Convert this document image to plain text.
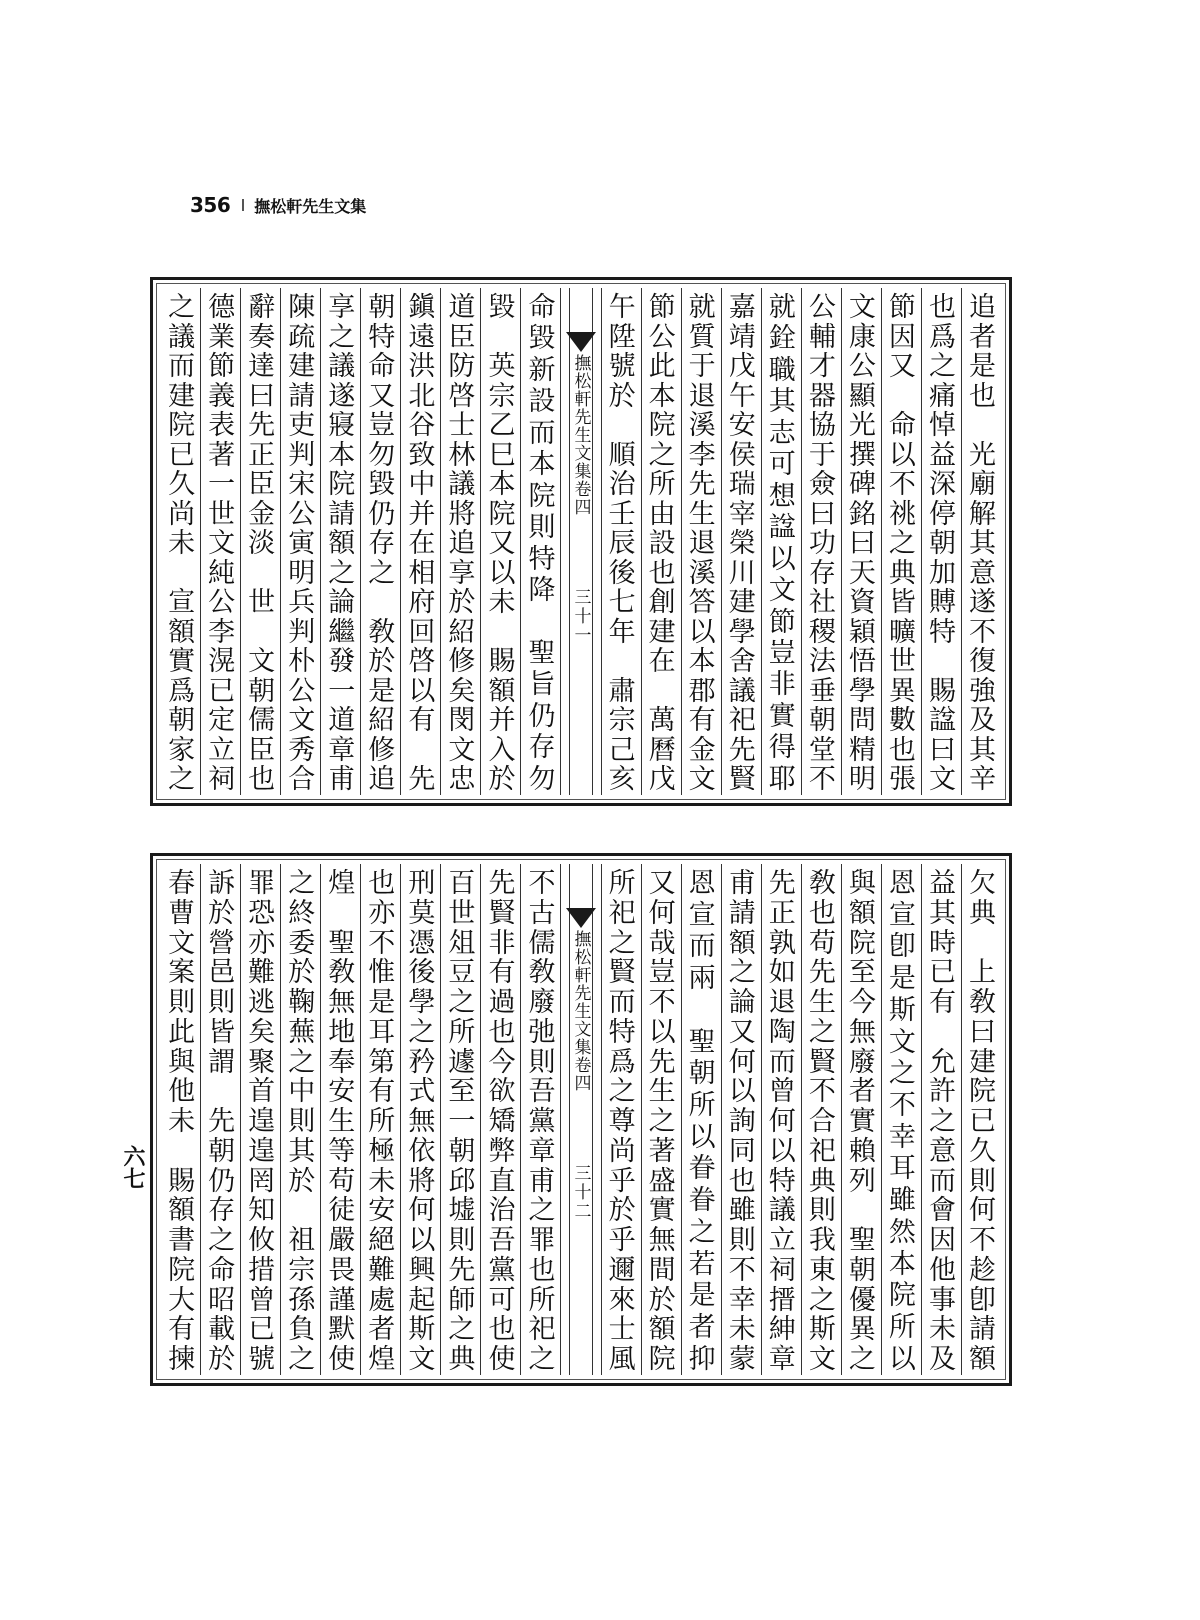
356 撫松軒先生文集
追
者
是
也

光
廟
解
其
意
遂
不
復
強
及
其
辛
也
爲
之
痛
悼
益
深
停
朝
加
賻
特

賜
諡
曰
文
節
因
又

命
以
不
祧
之
典
皆
曠
世
異
數
也
張
文
康
公
顯
光
撰
碑
銘
曰
天
資
穎
悟
學
問
精
明
公
輔
才
器
協
于
僉
曰
功
存
社
稷
法
垂
朝
堂
不
就
銓
職
其
志
可
想
諡
以
文
節
豈
非
實
得
耶
嘉
靖
戊
午
安
侯
瑞
宰
榮
川
建
學
舍
議
祀
先
賢
就
質
于
退
溪
李
先
生
退
溪
答
以
本
郡
有
金
文
節
公
此
本
院
之
所
由
設
也
創
建
在

萬
曆
戊
午
陞
號
於

順
治
壬
辰
後
七
年

肅
宗
己
亥
撫松軒先生文集卷四
三十一
命
毀
新
設
而
本
院
則
特
降

聖
旨
仍
存
勿
毀

英
宗
乙
巳
本
院
又
以
未

賜
額
并
入
於
道
臣
防
啓
士
林
議
將
追
享
於
紹
修
矣
閔
文
忠
鎭
遠
洪
北
谷
致
中
并
在
相
府
回
啓
以
有

先
朝
特
命
又
豈
勿
毀
仍
存
之

敎
於
是
紹
修
追
享
之
議
遂
寢
本
院
請
額
之
論
繼
發
一
道
章
甫
陳
疏
建
請
吏
判
宋
公
寅
明
兵
判
朴
公
文
秀
合
辭
奏
達
曰
先
正
臣
金
淡

世

文
朝
儒
臣
也
德
業
節
義
表
著
一
世
文
純
公
李
滉
已
定
立
祠
之
議
而
建
院
已
久
尚
未

宣
額
實
爲
朝
家
之
欠
典

上
敎
曰
建
院
已
久
則
何
不
趁
卽
請
額
益
其
時
已
有

允
許
之
意
而
會
因
他
事
未
及
恩
宣
卽
是
斯
文
之
不
幸
耳
雖
然
本
院
所
以
與
額
院
至
今
無
廢
者
實
賴
列

聖
朝
優
異
之
敎
也
苟
先
生
之
賢
不
合
祀
典
則
我
東
之
斯
文
先
正
孰
如
退
陶
而
曾
何
以
特
議
立
祠
搢
紳
章
甫
請
額
之
論
又
何
以
詢
同
也
雖
則
不
幸
未
蒙
恩
宣
而
兩

聖
朝
所
以
眷
眷
之
若
是
者
抑
又
何
哉
豈
不
以
先
生
之
著
盛
實
無
間
於
額
院
所
祀
之
賢
而
特
爲
之
尊
尚
乎
於
乎
邇
來
士
風
撫松軒先生文集卷四
三十二
不
古
儒
敎
廢
弛
則
吾
黨
章
甫
之
罪
也
所
祀
之
先
賢
非
有
過
也
今
欲
矯
弊
直
治
吾
黨
可
也
使
百
世
俎
豆
之
所
遽
至
一
朝
邱
墟
則
先
師
之
典
刑
莫
憑
後
學
之
矜
式
無
依
將
何
以
興
起
斯
文
也
亦
不
惟
是
耳
第
有
所
極
未
安
絕
難
處
者
煌
煌

聖
敎
無
地
奉
安
生
等
苟
徒
嚴
畏
謹
默
使
之
終
委
於
鞠
蕪
之
中
則
其
於

祖
宗
孫
負
之
罪
恐
亦
難
逃
矣
聚
首
遑
遑
罔
知
攸
措
曾
已
號
訴
於
營
邑
則
皆
謂

先
朝
仍
存
之
命
昭
載
於
春
曹
文
案
則
此
與
他
未

賜
額
書
院
大
有
揀
六七
